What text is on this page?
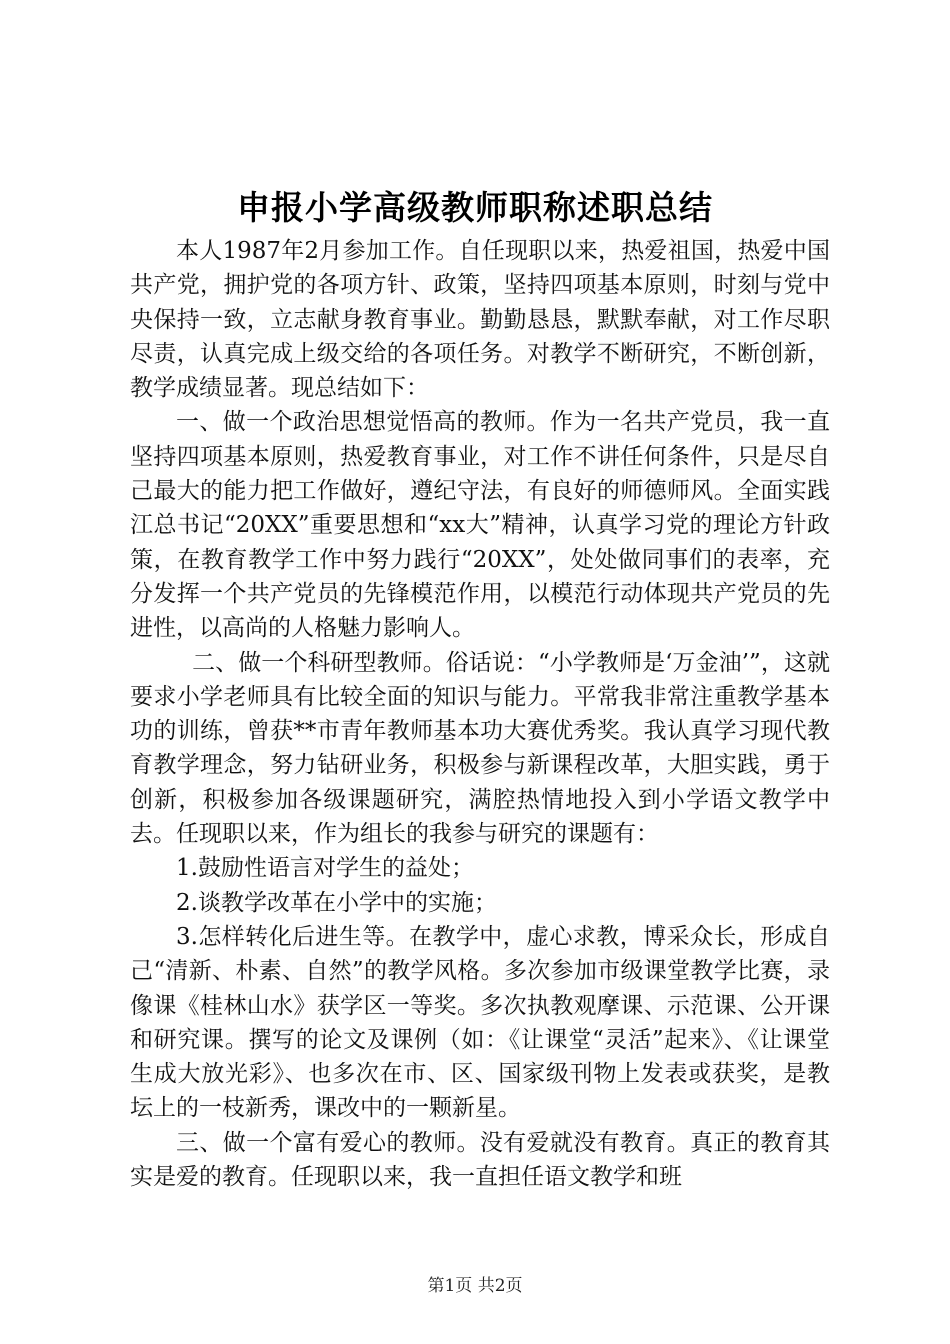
申报小学高级教师职称述职总结

本人1987年2月参加工作。自任现职以来，热爱祖国，热爱中国共产党，拥护党的各项方针、政策，坚持四项基本原则，时刻与党中央保持一致，立志献身教育事业。勤勤恳恳，默默奉献，对工作尽职尽责，认真完成上级交给的各项任务。对教学不断研究，不断创新，教学成绩显著。现总结如下：

一、做一个政治思想觉悟高的教师。作为一名共产党员，我一直坚持四项基本原则，热爱教育事业，对工作不讲任何条件，只是尽自己最大的能力把工作做好，遵纪守法，有良好的师德师风。全面实践江总书记“20XX”重要思想和“xx大”精神，认真学习党的理论方针政策，在教育教学工作中努力践行“20XX”，处处做同事们的表率，充分发挥一个共产党员的先锋模范作用，以模范行动体现共产党员的先进性，以高尚的人格魅力影响人。

二、做一个科研型教师。俗话说：“小学教师是‘万金油’”，这就要求小学老师具有比较全面的知识与能力。平常我非常注重教学基本功的训练，曾获**市青年教师基本功大赛优秀奖。我认真学习现代教育教学理念，努力钻研业务，积极参与新课程改革，大胆实践，勇于创新，积极参加各级课题研究，满腔热情地投入到小学语文教学中去。任现职以来，作为组长的我参与研究的课题有：

1.鼓励性语言对学生的益处；

2.谈教学改革在小学中的实施；

3.怎样转化后进生等。在教学中，虚心求教，博采众长，形成自己“清新、朴素、自然”的教学风格。多次参加市级课堂教学比赛，录像课《桂林山水》获学区一等奖。多次执教观摩课、示范课、公开课和研究课。撰写的论文及课例（如：《让课堂“灵活”起来》、《让课堂生成大放光彩》、也多次在市、区、国家级刊物上发表或获奖，是教坛上的一枝新秀，课改中的一颗新星。

三、做一个富有爱心的教师。没有爱就没有教育。真正的教育其实是爱的教育。任现职以来，我一直担任语文教学和班

第1页 共2页
